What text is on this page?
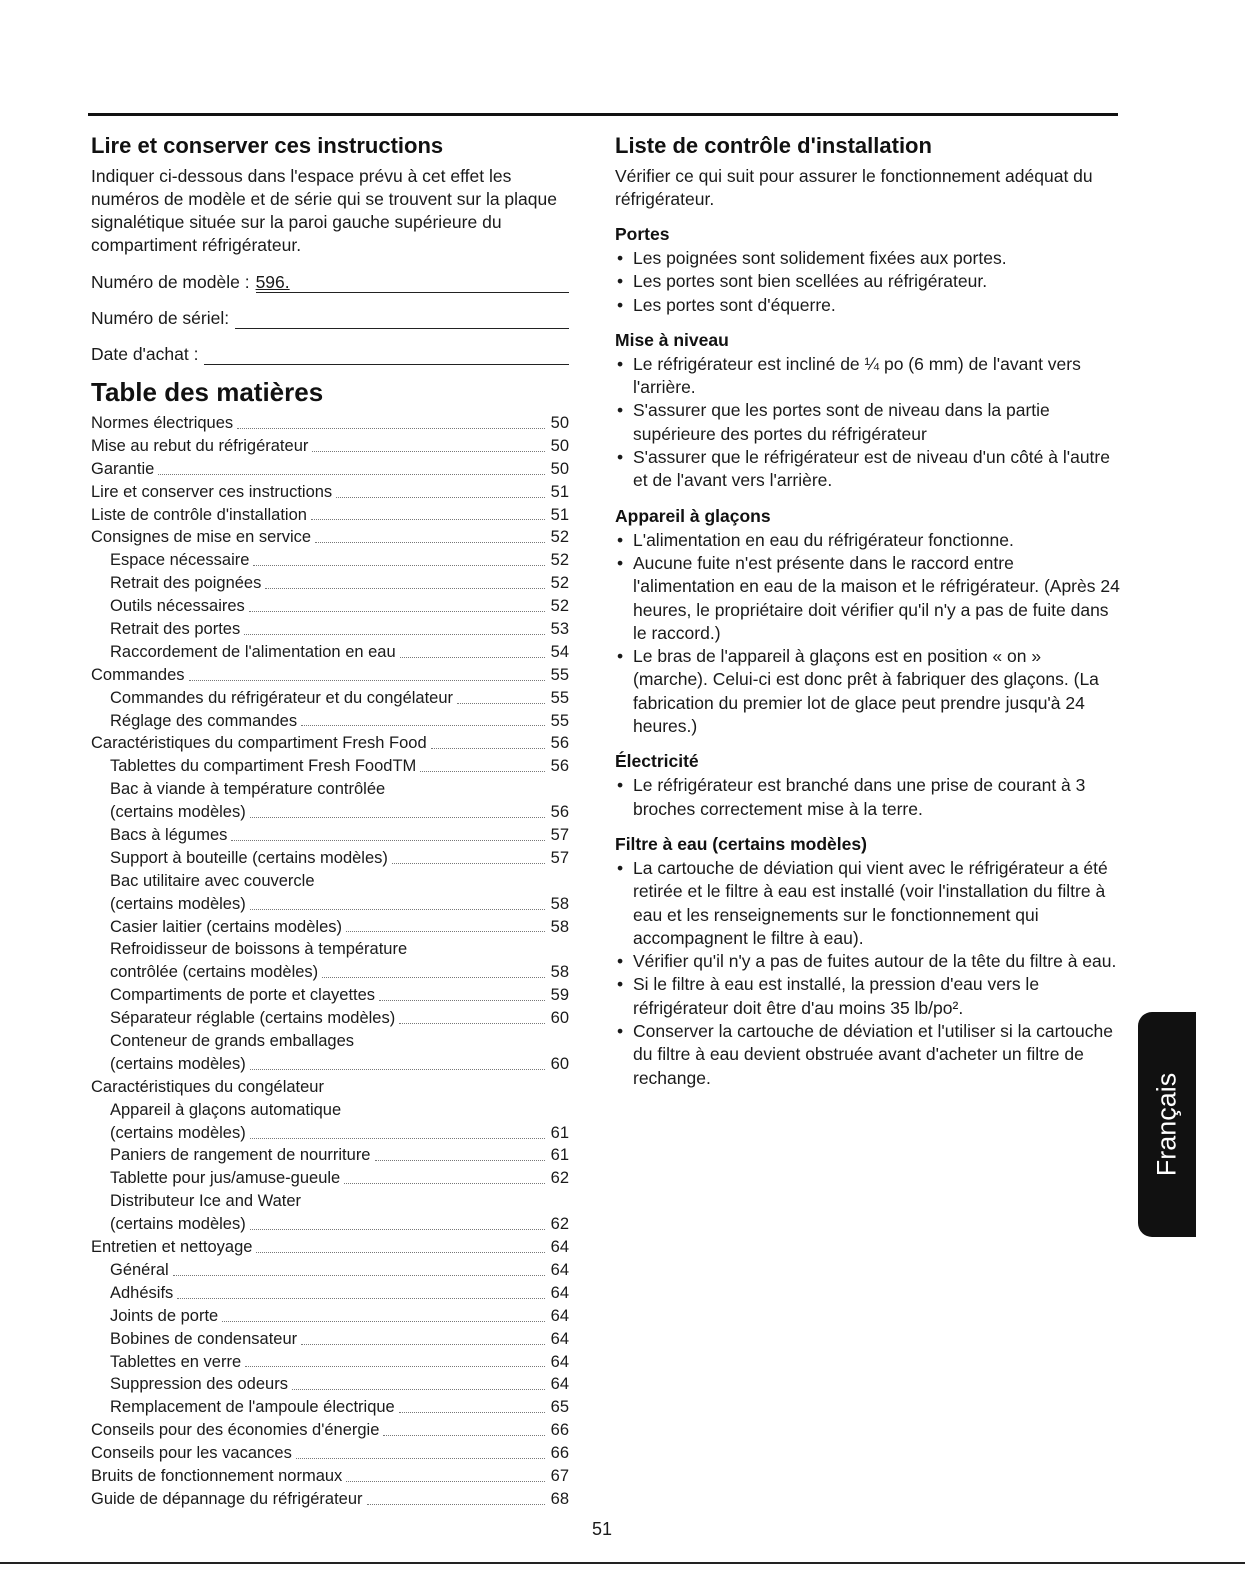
Lire et conserver ces instructions

Indiquer ci-dessous dans l'espace prévu à cet effet les numéros de modèle et de série qui se trouvent sur la plaque signalétique située sur la paroi gauche supérieure du compartiment réfrigérateur.

Numéro de modèle : 596.
Numéro de sériel:
Date d'achat :
Table des matières
Normes électriques	50
Mise au rebut du réfrigérateur	50
Garantie	50
Lire et conserver ces instructions	51
Liste de contrôle d'installation	51
Consignes de mise en service	52
Espace nécessaire	52
Retrait des poignées	52
Outils nécessaires	52
Retrait des portes	53
Raccordement de l'alimentation en eau	54
Commandes	55
Commandes du réfrigérateur et du congélateur	55
Réglage des commandes	55
Caractéristiques du compartiment Fresh Food	56
Tablettes du compartiment Fresh FoodTM	56
Bac à viande à température contrôlée
(certains modèles)	56
Bacs à légumes	57
Support à bouteille (certains modèles)	57
Bac utilitaire avec couvercle
(certains modèles)	58
Casier laitier (certains modèles)	58
Refroidisseur de boissons à température
contrôlée (certains modèles)	58
Compartiments de porte et clayettes	59
Séparateur réglable (certains modèles)	60
Conteneur de grands emballages
(certains modèles)	60
Caractéristiques du congélateur
Appareil à glaçons automatique
(certains modèles)	61
Paniers de rangement de nourriture	61
Tablette pour jus/amuse-gueule	62
Distributeur Ice and Water
(certains modèles)	62
Entretien et nettoyage	64
Général	64
Adhésifs	64
Joints de porte	64
Bobines de condensateur	64
Tablettes en verre	64
Suppression des odeurs	64
Remplacement de l'ampoule électrique	65
Conseils pour des économies d'énergie	66
Conseils pour les vacances	66
Bruits de fonctionnement normaux	67
Guide de dépannage du réfrigérateur	68
Liste de contrôle d'installation

Vérifier ce qui suit pour assurer le fonctionnement adéquat du réfrigérateur.

Portes
• Les poignées sont solidement fixées aux portes.
• Les portes sont bien scellées au réfrigérateur.
• Les portes sont d'équerre.
Mise à niveau
• Le réfrigérateur est incliné de ¼ po (6 mm) de l'avant vers l'arrière.
• S'assurer que les portes sont de niveau dans la partie supérieure des portes du réfrigérateur
• S'assurer que le réfrigérateur est de niveau d'un côté à l'autre et de l'avant vers l'arrière.
Appareil à glaçons
• L'alimentation en eau du réfrigérateur fonctionne.
• Aucune fuite n'est présente dans le raccord entre l'alimentation en eau de la maison et le réfrigérateur. (Après 24 heures, le propriétaire doit vérifier qu'il n'y a pas de fuite dans le raccord.)
• Le bras de l'appareil à glaçons est en position « on » (marche). Celui-ci est donc prêt à fabriquer des glaçons. (La fabrication du premier lot de glace peut prendre jusqu'à 24 heures.)
Électricité
• Le réfrigérateur est branché dans une prise de courant à 3 broches correctement mise à la terre.
Filtre à eau (certains modèles)
• La cartouche de déviation qui vient avec le réfrigérateur a été retirée et le filtre à eau est installé (voir l'installation du filtre à eau et les renseignements sur le fonctionnement qui accompagnent le filtre à eau).
• Vérifier qu'il n'y a pas de fuites autour de la tête du filtre à eau.
• Si le filtre à eau est installé, la pression d'eau vers le réfrigérateur doit être d'au moins 35 lb/po².
• Conserver la cartouche de déviation et l'utiliser si la cartouche du filtre à eau devient obstruée avant d'acheter un filtre de rechange.
51
Français
